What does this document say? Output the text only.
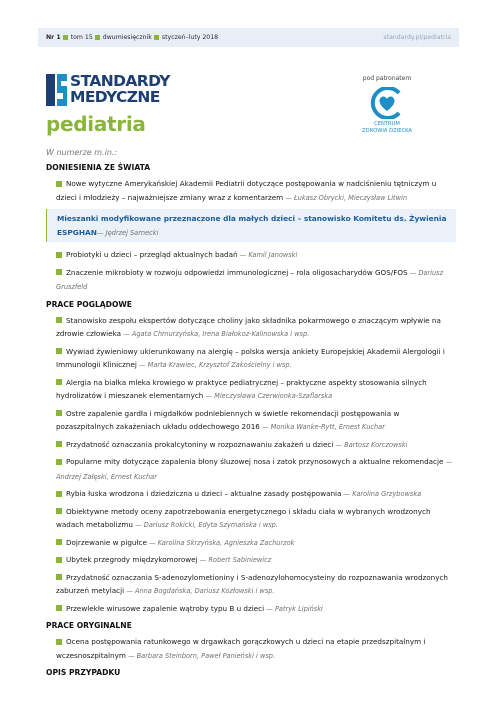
Nr 1 tom 15 dwumiesięcznik styczeń–luty 2018	standardy.pl/pediatria
STANDARDY
MEDYCZNE
pediatria
pod patronatem
CENTRUM
ZDROWIA DZIECKA
W numerze m.in.:
DONIESIENIA ZE ŚWIATA
Nowe wytyczne Amerykańskiej Akademii Pediatrii dotyczące postępowania w nadciśnieniu tętniczym u dzieci i młodzieży – najważniejsze zmiany wraz z komentarzem — Łukasz Obrycki, Mieczysław Litwin
Mieszanki modyfikowane przeznaczone dla małych dzieci – stanowisko Komitetu ds. Żywienia ESPGHAN— Jędrzej Sarnecki
Probiotyki u dzieci – przegląd aktualnych badań — Kamil Janowski
Znaczenie mikrobioty w rozwoju odpowiedzi immunologicznej – rola oligosacharydów GOS/FOS — Dariusz Gruszfeld
PRACE POGLĄDOWE
Stanowisko zespołu ekspertów dotyczące choliny jako składnika pokarmowego o znaczącym wpływie na zdrowie człowieka — Agata Chmurzyńska, Irena Białokoz-Kalinowska i wsp.
Wywiad żywieniowy ukierunkowany na alergię – polska wersja ankiety Europejskiej Akademii Alergologii i Immunologii Klinicznej — Marta Krawiec, Krzysztof Zakościelny i wsp.
Alergia na białka mleka krowiego w praktyce pediatrycznej – praktyczne aspekty stosowania silnych hydrolizatów i mieszanek elementarnych — Mieczysława Czerwionka-Szaflarska
Ostre zapalenie gardła i migdałków podniebiennych w świetle rekomendacji postępowania w pozaszpitalnych zakażeniach układu oddechowego 2016 — Monika Wanke-Rytt, Ernest Kuchar
Przydatność oznaczania prokalcytoniny w rozpoznawaniu zakażeń u dzieci — Bartosz Korczowski
Popularne mity dotyczące zapalenia błony śluzowej nosa i zatok przynosowych a aktualne rekomendacje — Andrzej Załęski, Ernest Kuchar
Rybia łuska wrodzona i dziedziczna u dzieci – aktualne zasady postępowania — Karolina Grzybowska
Obiektywne metody oceny zapotrzebowania energetycznego i składu ciała w wybranych wrodzonych wadach metabolizmu — Dariusz Rokicki, Edyta Szymańska i wsp.
Dojrzewanie w pigułce — Karolina Skrzyńska, Agnieszka Zachurzok
Ubytek przegrody międzykomorowej — Robert Sabiniewicz
Przydatność oznaczania S-adenozylometioniny i S-adenozylohomocysteiny do rozpoznawania wrodzonych zaburzeń metylacji — Anna Bogdańska, Dariusz Kozłowski i wsp.
Przewlekłe wirusowe zapalenie wątroby typu B u dzieci — Patryk Lipiński
PRACE ORYGINALNE
Ocena postępowania ratunkowego w drgawkach gorączkowych u dzieci na etapie przedszpitalnym i wczesnoszpitalnym — Barbara Steinborn, Paweł Panieński i wsp.
OPIS PRZYPADKU
